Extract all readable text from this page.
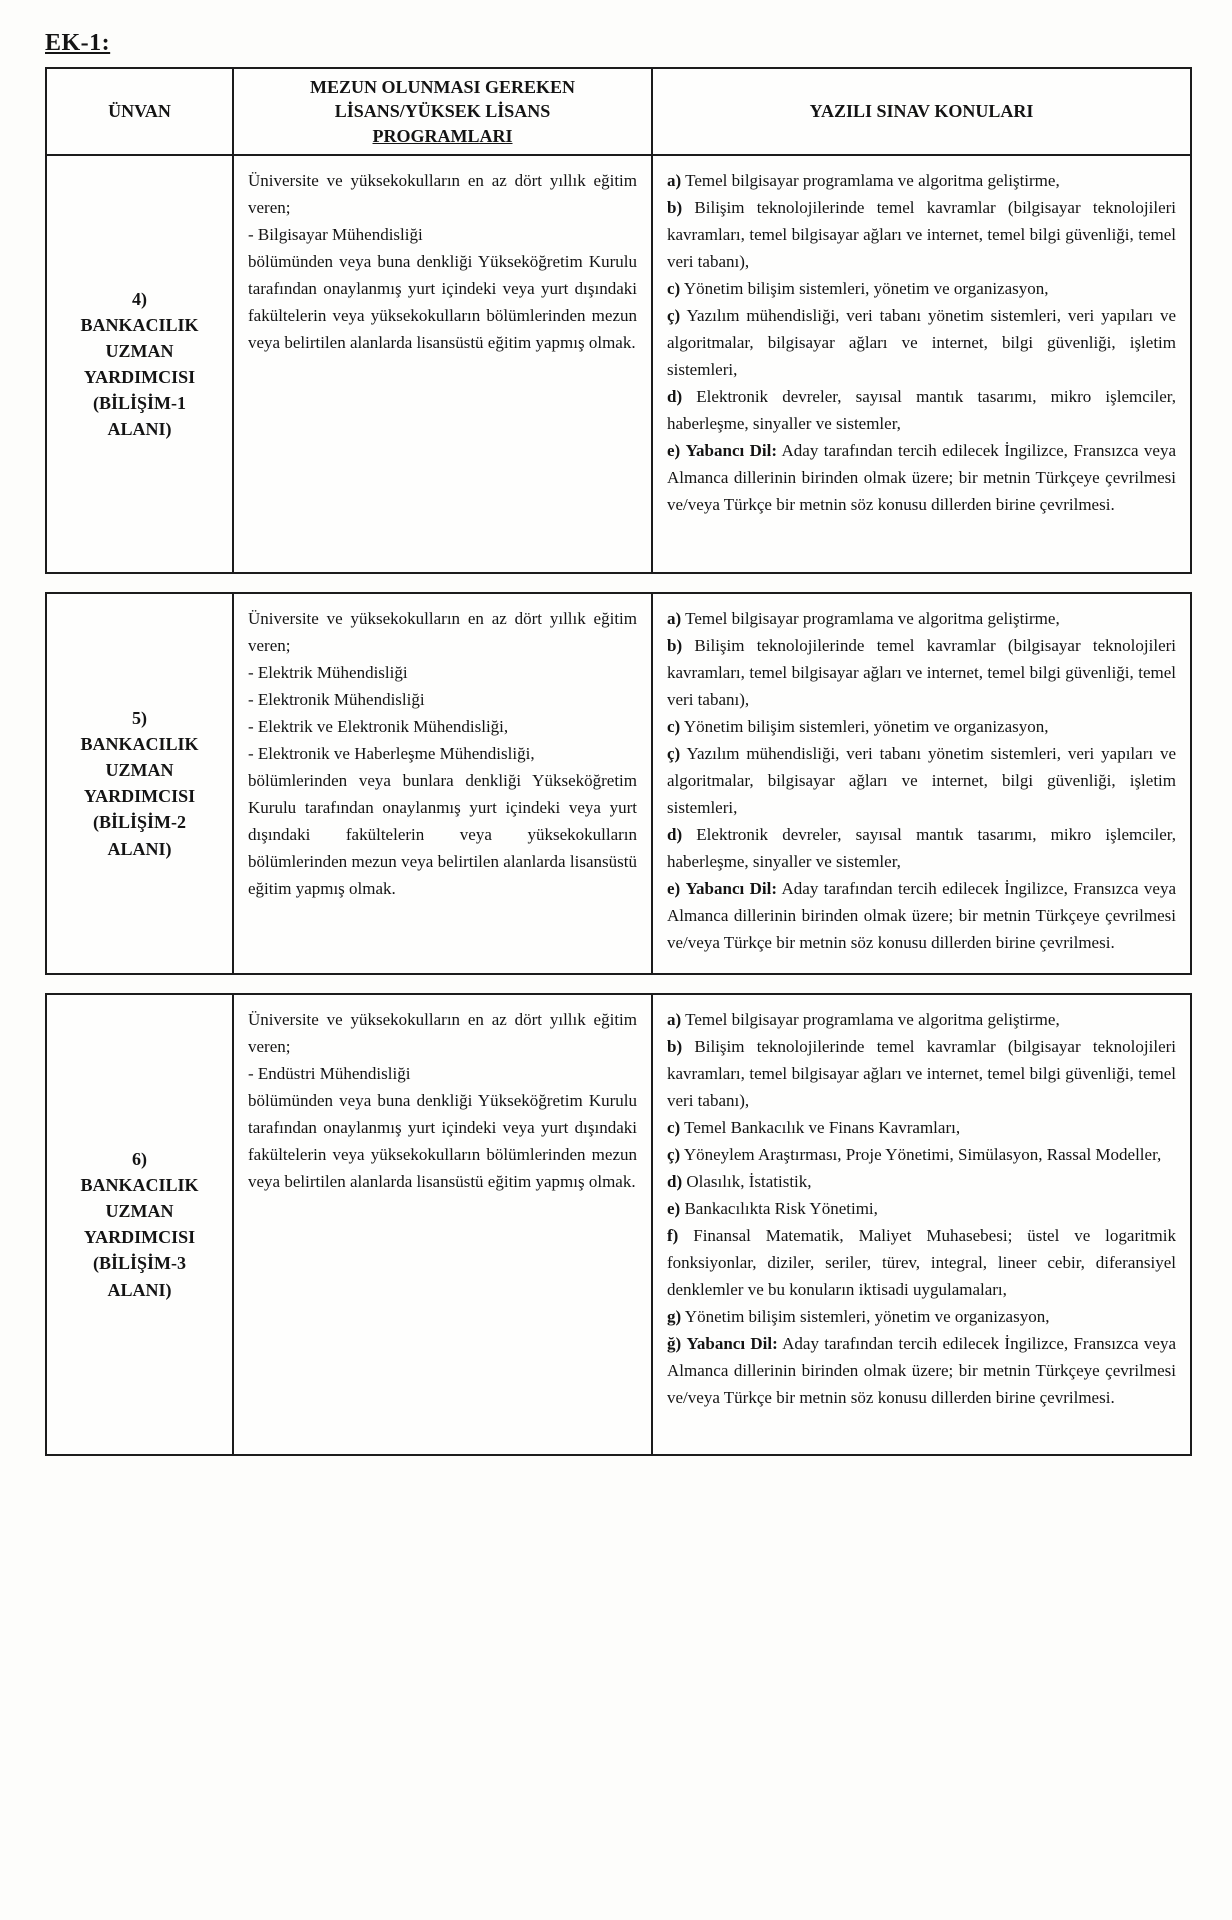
EK-1:
ÜNVAN
MEZUN OLUNMASI GEREKEN
LİSANS/YÜKSEK LİSANS
PROGRAMLARI
YAZILI SINAV KONULARI
4)
BANKACILIK
UZMAN
YARDIMCISI
(BİLİŞİM-1
ALANI)

Üniversite ve yüksekokulların en az dört yıllık eğitim veren;

- Bilgisayar Mühendisliği

bölümünden veya buna denkliği Yükseköğretim Kurulu tarafından onaylanmış yurt içindeki veya yurt dışındaki fakültelerin veya yüksekokulların bölümlerinden mezun veya belirtilen alanlarda lisansüstü eğitim yapmış olmak.

a) Temel bilgisayar programlama ve algoritma geliştirme,

b) Bilişim teknolojilerinde temel kavramlar (bilgisayar teknolojileri kavramları, temel bilgisayar ağları ve internet, temel bilgi güvenliği, temel veri tabanı),

c) Yönetim bilişim sistemleri, yönetim ve organizasyon,

ç) Yazılım mühendisliği, veri tabanı yönetim sistemleri, veri yapıları ve algoritmalar, bilgisayar ağları ve internet, bilgi güvenliği, işletim sistemleri,

d) Elektronik devreler, sayısal mantık tasarımı, mikro işlemciler, haberleşme, sinyaller ve sistemler,

e) Yabancı Dil: Aday tarafından tercih edilecek İngilizce, Fransızca veya Almanca dillerinin birinden olmak üzere; bir metnin Türkçeye çevrilmesi ve/veya Türkçe bir metnin söz konusu dillerden birine çevrilmesi.

5)
BANKACILIK
UZMAN
YARDIMCISI
(BİLİŞİM-2
ALANI)

Üniversite ve yüksekokulların en az dört yıllık eğitim veren;

- Elektrik Mühendisliği

- Elektronik Mühendisliği

- Elektrik ve Elektronik Mühendisliği,

- Elektronik ve Haberleşme Mühendisliği,

bölümlerinden veya bunlara denkliği Yükseköğretim Kurulu tarafından onaylanmış yurt içindeki veya yurt dışındaki fakültelerin veya yüksekokulların bölümlerinden mezun veya belirtilen alanlarda lisansüstü eğitim yapmış olmak.

a) Temel bilgisayar programlama ve algoritma geliştirme,

b) Bilişim teknolojilerinde temel kavramlar (bilgisayar teknolojileri kavramları, temel bilgisayar ağları ve internet, temel bilgi güvenliği, temel veri tabanı),

c) Yönetim bilişim sistemleri, yönetim ve organizasyon,

ç) Yazılım mühendisliği, veri tabanı yönetim sistemleri, veri yapıları ve algoritmalar, bilgisayar ağları ve internet, bilgi güvenliği, işletim sistemleri,

d) Elektronik devreler, sayısal mantık tasarımı, mikro işlemciler, haberleşme, sinyaller ve sistemler,

e) Yabancı Dil: Aday tarafından tercih edilecek İngilizce, Fransızca veya Almanca dillerinin birinden olmak üzere; bir metnin Türkçeye çevrilmesi ve/veya Türkçe bir metnin söz konusu dillerden birine çevrilmesi.

6)
BANKACILIK
UZMAN
YARDIMCISI
(BİLİŞİM-3
ALANI)

Üniversite ve yüksekokulların en az dört yıllık eğitim veren;

- Endüstri Mühendisliği

bölümünden veya buna denkliği Yükseköğretim Kurulu tarafından onaylanmış yurt içindeki veya yurt dışındaki fakültelerin veya yüksekokulların bölümlerinden mezun veya belirtilen alanlarda lisansüstü eğitim yapmış olmak.

a) Temel bilgisayar programlama ve algoritma geliştirme,

b) Bilişim teknolojilerinde temel kavramlar (bilgisayar teknolojileri kavramları, temel bilgisayar ağları ve internet, temel bilgi güvenliği, temel veri tabanı),

c) Temel Bankacılık ve Finans Kavramları,

ç) Yöneylem Araştırması, Proje Yönetimi, Simülasyon, Rassal Modeller,

d) Olasılık, İstatistik,

e) Bankacılıkta Risk Yönetimi,

f) Finansal Matematik, Maliyet Muhasebesi; üstel ve logaritmik fonksiyonlar, diziler, seriler, türev, integral, lineer cebir, diferansiyel denklemler ve bu konuların iktisadi uygulamaları,

g) Yönetim bilişim sistemleri, yönetim ve organizasyon,

ğ) Yabancı Dil: Aday tarafından tercih edilecek İngilizce, Fransızca veya Almanca dillerinin birinden olmak üzere; bir metnin Türkçeye çevrilmesi ve/veya Türkçe bir metnin söz konusu dillerden birine çevrilmesi.
